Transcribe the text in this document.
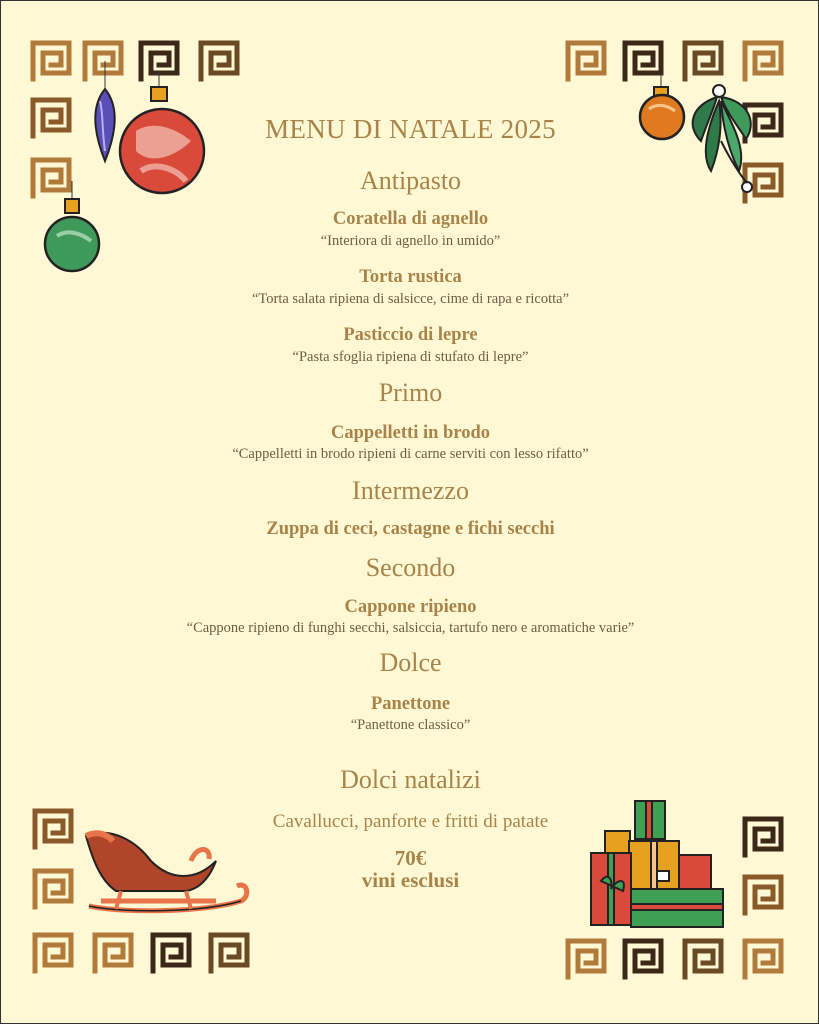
MENU DI NATALE 2025
Antipasto
Coratella di agnello
“Interiora di agnello in umido”
Torta rustica
“Torta salata ripiena di salsicce, cime di rapa e ricotta”
Pasticcio di lepre
“Pasta sfoglia ripiena di stufato di lepre”
Primo
Cappelletti in brodo
“Cappelletti in brodo ripieni di carne serviti con lesso rifatto”
Intermezzo
Zuppa di ceci, castagne e fichi secchi
Secondo
Cappone ripieno
“Cappone ripieno di funghi secchi, salsiccia, tartufo nero e aromatiche varie”
Dolce
Panettone
“Panettone classico”
Dolci natalizi
Cavallucci, panforte e fritti di patate
70€
vini esclusi
